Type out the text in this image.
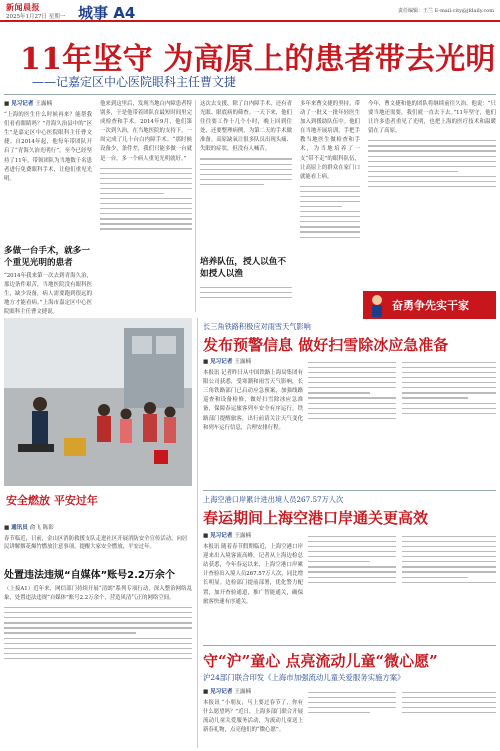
新闻晨报
2025年1月27日 星期一 城事 A4	责任编辑：王兰 E-mail:city@jfdaily.com
11年坚守 为高原上的患者带去光明
——记嘉定区中心医院眼科主任曹文捷
■ 见习记者 王露楠
“上海的医生什么时候再来？能帮我们看看眼睛吗？”青海久治县中的“区生”是嘉定区中心医院眼科主任曹文捷。自2014年起，他每年带团队开启了“青海久治光明行”。至今已经坚持了11年，带领团队为当地数千名患者进行免费眼科手术，让他们重见光明。
多做一台手术，就多一个重见光明的患者
“2014年我来第一次去到青海久治，那边条件艰苦，当地医院没有眼科医生，缺少设备，病人需要跑到很远的地方才能看病。”上海市嘉定区中心医院眼科主任曹文捷说。
他来到这里后，发现当地白内障患者特别多，于是他带着团队在最短时间里完成检查和手术。2014年9月，他们第一次到久治，在当地医院的支持下，一周完成了几十台白内障手术。“那时候设备少，条件差，我们只能多做一台就是一台，多一个病人重见光明就好。”
这次去支援，除了白内障手术，还有青光眼、眼底病的筛查。一天下来，他们往往要工作十几个小时，晚上回到住处，还要整理病例，为第二天的手术做准备。高原缺氧让很多队员出现头痛、失眠的症状，但没有人喊苦。
培养队伍，授人以鱼不如授人以渔
多年来曹文捷的坚持，带动了一批又一批年轻医生加入到援助队伍中。他们在当地开展培训，手把手教当地医生做检查和手术，为当地培养了一支“带不走”的眼科队伍，让高原上的群众在家门口就能看上病。
今年，曹文捷和他的团队将继续前往久治。他说：“只要当地还需要，我们就一直去下去。”11年坚守，他们让许多患者重见了光明，也把上海的医疗技术和温暖留在了高原。
奋勇争先实干家
安全燃放 平安过年
■ 通讯员 俞飞 陈影
春节临近，日前，金山区消防救援支队走进社区开展消防安全宣传活动，向居民讲解烟花爆竹燃放注意事项，提醒大家安全燃放，平安过年。
处置违法违规“自媒体”账号2.2万余个
（上接A1）近年来，网信部门持续开展“清朗”系列专项行动，深入整治网络乱象，处置违法违规“自媒体”账号2.2万余个，营造风清气正的网络空间。
长三角铁路积极应对雨雪天气影响
发布预警信息 做好扫雪除冰应急准备
■ 见习记者 王露楠
本报讯 记者昨日从中国铁路上海局集团有限公司获悉，受寒潮和雨雪天气影响，长三角铁路部门已启动应急预案，加强线路巡查和设备检修，做好扫雪除冰应急准备，保障春运旅客列车安全有序运行。铁路部门提醒旅客，出行前请关注天气变化和列车运行信息，合理安排行程。
上海空港口岸累计进出境人员267.57万人次
春运期间上海空港口岸通关更高效
■ 见习记者 王露楠
本报讯 随着春节假期临近，上海空港口岸迎来出入境客流高峰。记者从上海边检总站获悉，今年春运以来，上海空港口岸累计查验出入境人员267.57万人次，同比增长明显。边检部门提前部署，优化警力配置，加开查验通道，推广智能通关，确保旅客快速有序通关。
守“沪”童心 点亮流动儿童“微心愿”
沪24部门联合印发《上海市加强流动儿童关爱服务实施方案》
■ 见习记者 王露楠
本报讯 “小朋友，马上要过春节了，你有什么愿望吗？”近日，上海多部门联合开展流动儿童关爱服务活动，为流动儿童送上新春礼物，点亮他们的“微心愿”。
